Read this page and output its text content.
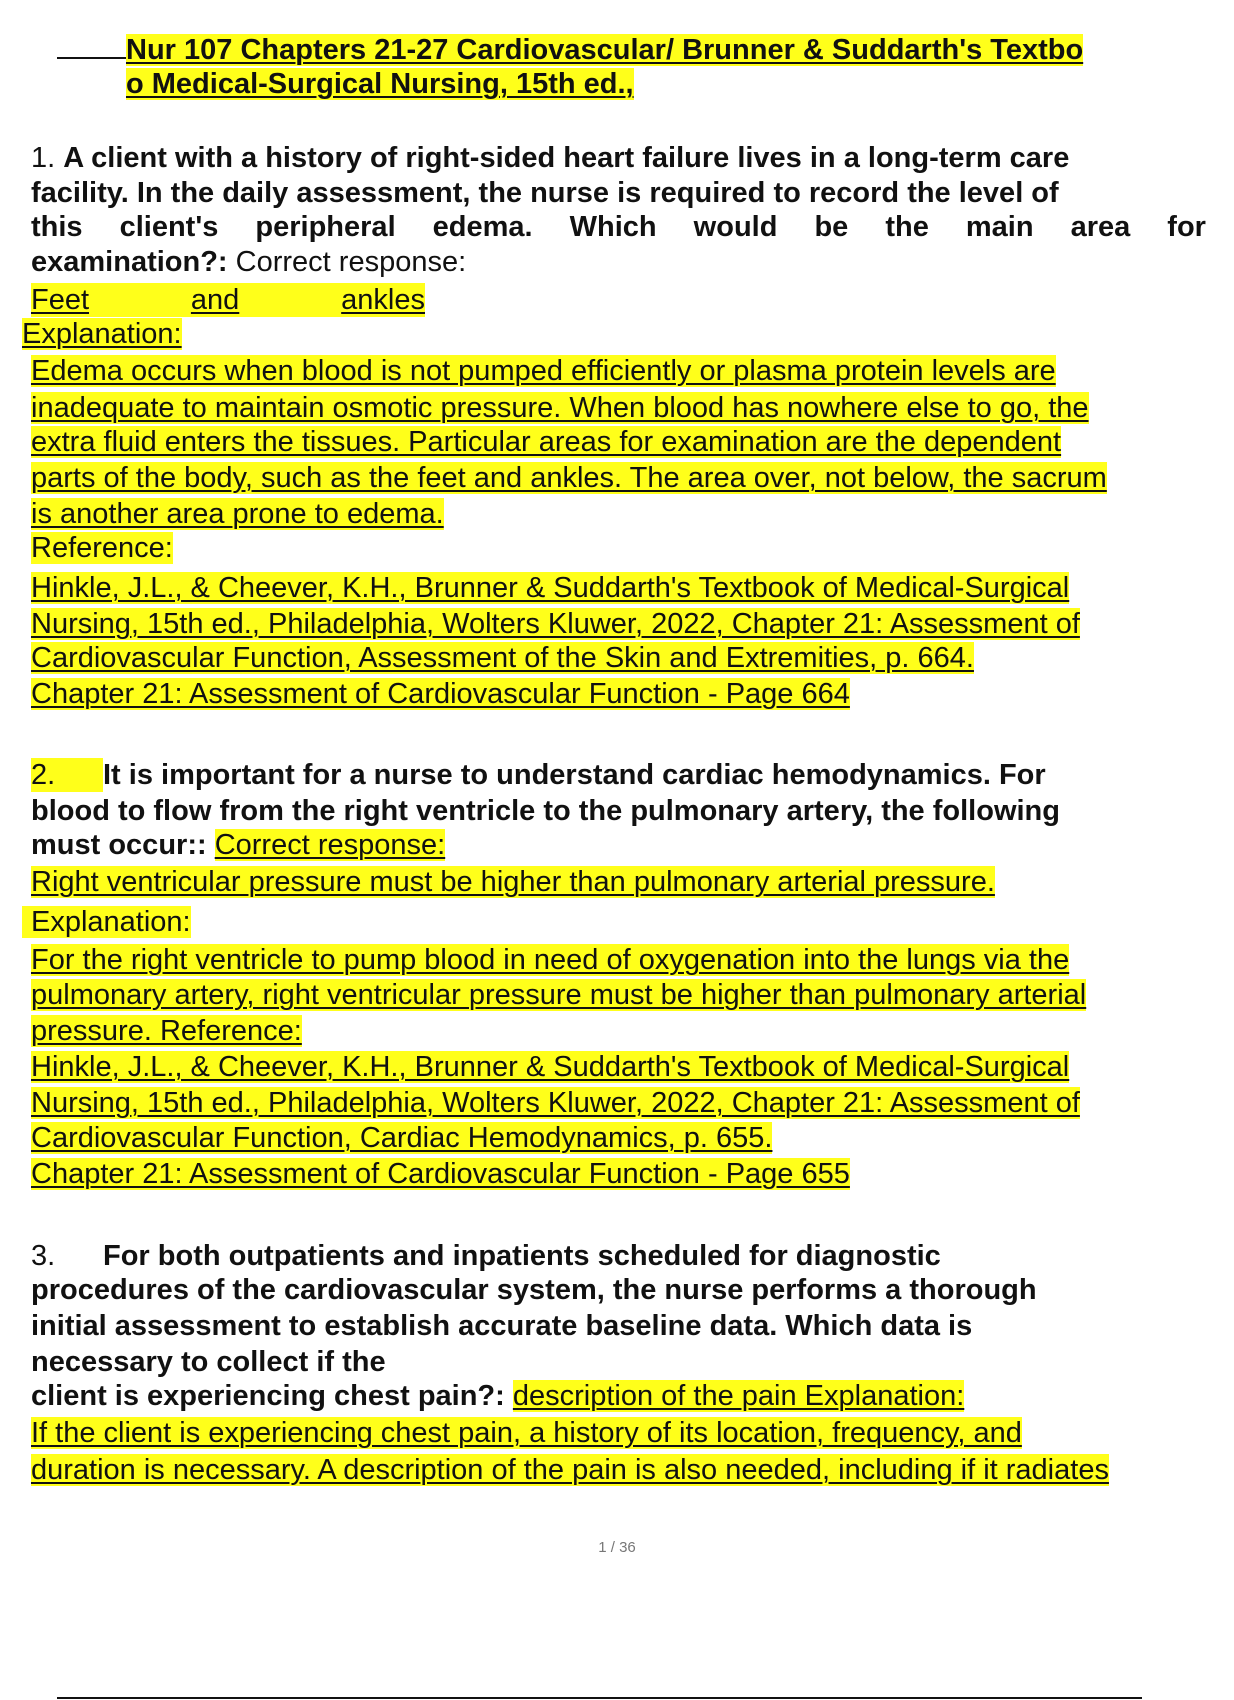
Nur 107 Chapters 21-27 Cardiovascular/ Brunner & Suddarth's Textbo
o Medical-Surgical Nursing, 15th ed.,
1. A client with a history of right-sided heart failure lives in a long-term care
facility. In the daily assessment, the nurse is required to record the level of
this client's peripheral edema. Which would be the main area for
examination?: Correct response:
Feet	and	ankles
Explanation:
Edema occurs when blood is not pumped efficiently or plasma protein levels are
inadequate to maintain osmotic pressure. When blood has nowhere else to go, the
extra fluid enters the tissues. Particular areas for examination are the dependent
parts of the body, such as the feet and ankles. The area over, not below, the sacrum
is another area prone to edema.
Reference:
Hinkle, J.L., & Cheever, K.H., Brunner & Suddarth's Textbook of Medical-Surgical
Nursing, 15th ed., Philadelphia, Wolters Kluwer, 2022, Chapter 21: Assessment of
Cardiovascular Function, Assessment of the Skin and Extremities, p. 664.
Chapter 21: Assessment of Cardiovascular Function - Page 664
2. It is important for a nurse to understand cardiac hemodynamics. For
blood to flow from the right ventricle to the pulmonary artery, the following
must occur:: Correct response:
Right ventricular pressure must be higher than pulmonary arterial pressure.
Explanation:
For the right ventricle to pump blood in need of oxygenation into the lungs via the
pulmonary artery, right ventricular pressure must be higher than pulmonary arterial
pressure. Reference:
Hinkle, J.L., & Cheever, K.H., Brunner & Suddarth's Textbook of Medical-Surgical
Nursing, 15th ed., Philadelphia, Wolters Kluwer, 2022, Chapter 21: Assessment of
Cardiovascular Function, Cardiac Hemodynamics, p. 655.
Chapter 21: Assessment of Cardiovascular Function - Page 655
3. For both outpatients and inpatients scheduled for diagnostic
procedures of the cardiovascular system, the nurse performs a thorough
initial assessment to establish accurate baseline data. Which data is
necessary to collect if the
client is experiencing chest pain?: description of the pain Explanation:
If the client is experiencing chest pain, a history of its location, frequency, and
duration is necessary. A description of the pain is also needed, including if it radiates
1 / 36
